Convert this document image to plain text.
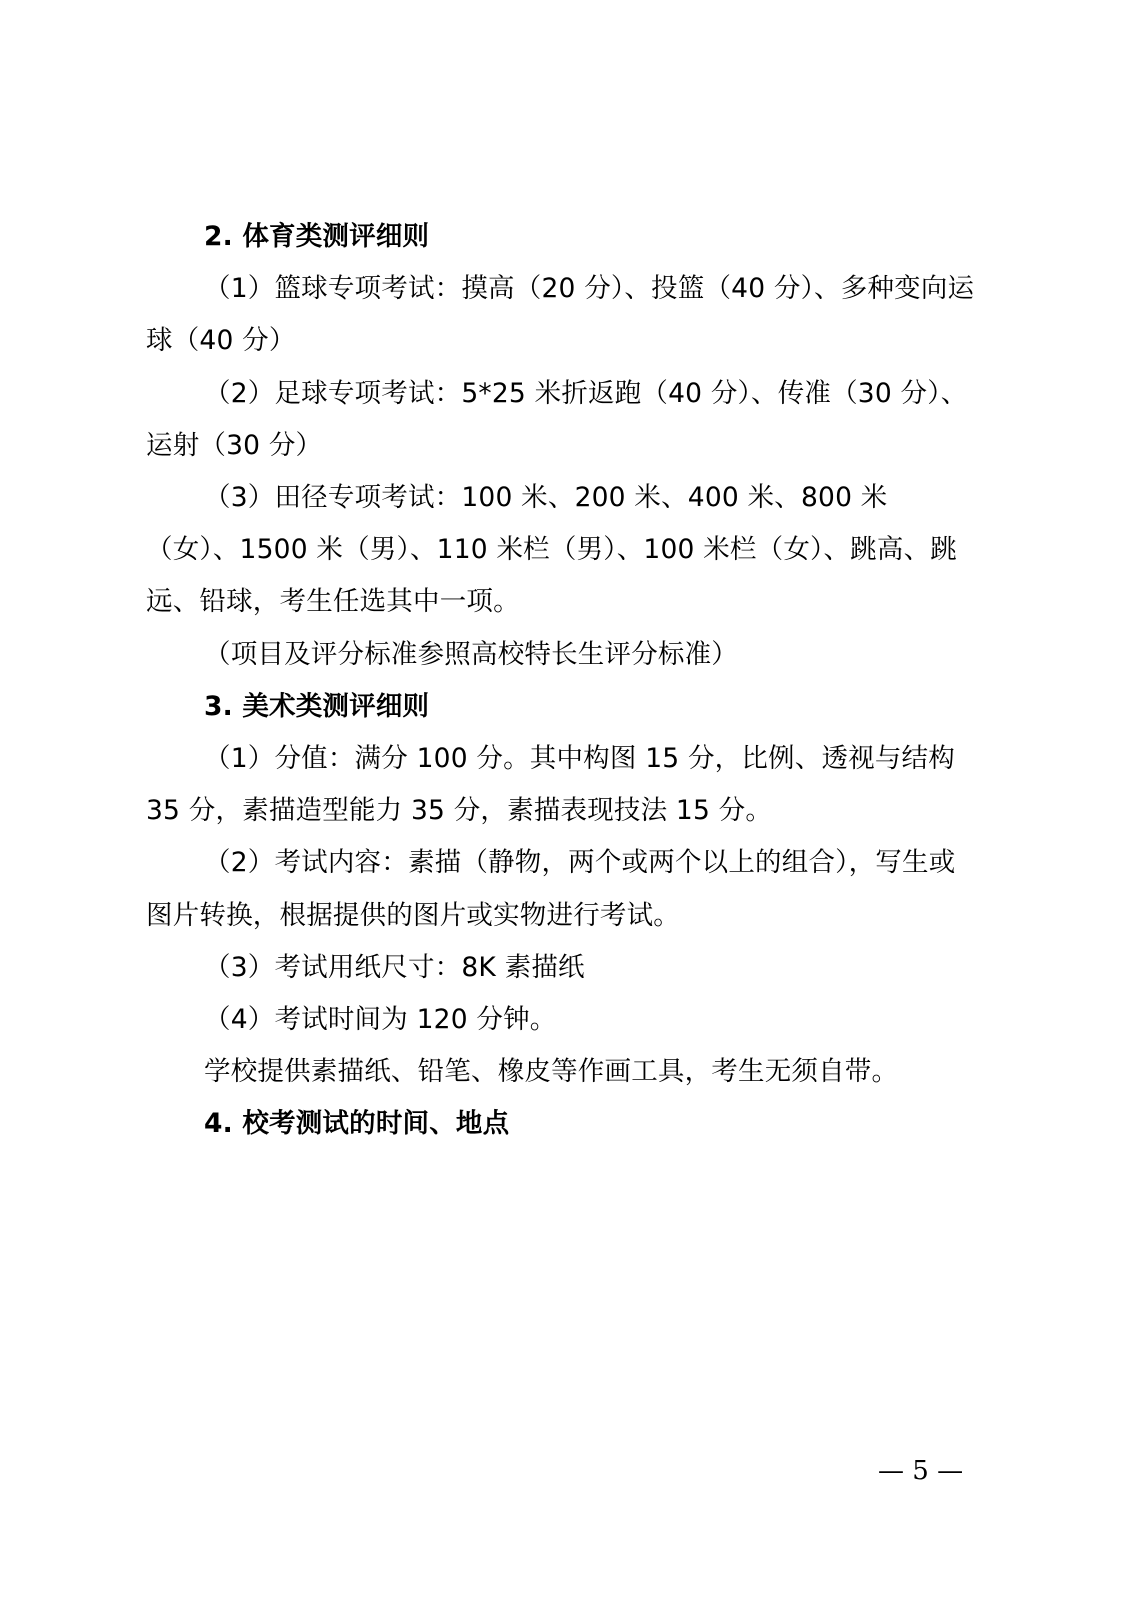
2. 体育类测评细则

（1）篮球专项考试：摸高（20 分）、投篮（40 分）、多种变向运球（40 分）

（2）足球专项考试：5*25 米折返跑（40 分）、传准（30 分）、运射（30 分）

（3）田径专项考试：100 米、200 米、400 米、800 米（女）、1500 米（男）、110 米栏（男）、100 米栏（女）、跳高、跳远、铅球，考生任选其中一项。

（项目及评分标准参照高校特长生评分标准）

3. 美术类测评细则

（1）分值：满分 100 分。其中构图 15 分，比例、透视与结构 35 分，素描造型能力 35 分，素描表现技法 15 分。

（2）考试内容：素描（静物，两个或两个以上的组合），写生或图片转换，根据提供的图片或实物进行考试。

（3）考试用纸尺寸：8K 素描纸

（4）考试时间为 120 分钟。

学校提供素描纸、铅笔、橡皮等作画工具，考生无须自带。

4. 校考测试的时间、地点

— 5 —
